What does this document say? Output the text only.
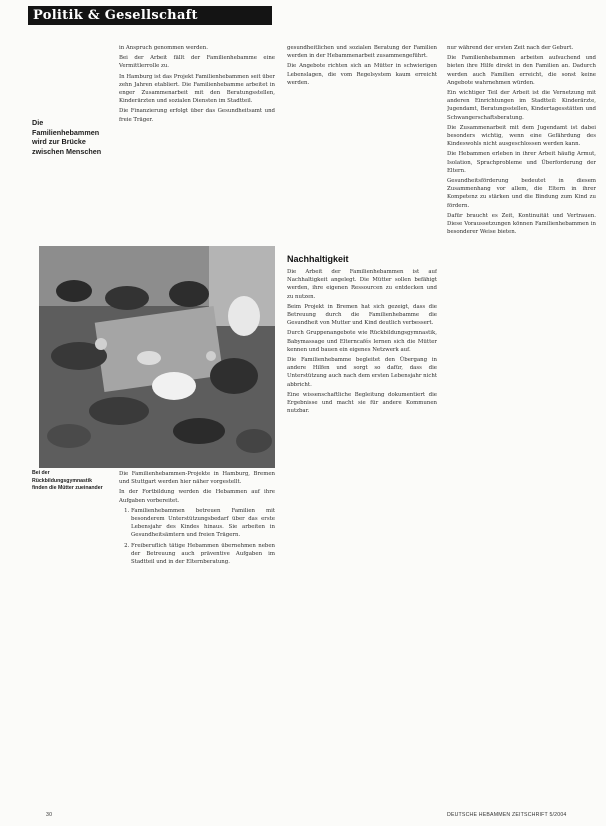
Politik & Gesellschaft

Die Familienhebammen wird zur Brücke zwischen Menschen

in Anspruch genommen werden.

Bei der Arbeit fällt der Familienhebamme eine Vermittlerrolle zu.

In Hamburg ist das Projekt Familienhebammen seit über zehn Jahren etabliert. Die Familienhebamme arbeitet in enger Zusammenarbeit mit den Beratungsstellen, Kinderärzten und sozialen Diensten im Stadtteil.

Die Finanzierung erfolgt über das Gesundheitsamt und freie Träger.

gesundheitlichen und sozialen Beratung der Familien werden in der Hebammenarbeit zusammengeführt.

Die Angebote richten sich an Mütter in schwierigen Lebenslagen, die vom Regelsystem kaum erreicht werden.

Bei der Rückbildungsgymnastik finden die Mütter zueinander

Die Familienhebammen-Projekte in Hamburg, Bremen und Stuttgart werden hier näher vorgestellt.

In der Fortbildung werden die Hebammen auf ihre Aufgaben vorbereitet.

1. Familienhebammen betreuen Familien mit besonderem Unterstützungsbedarf über das erste Lebensjahr des Kindes hinaus. Sie arbeiten in Gesundheitsämtern und freien Trägern.
2. Freiberuflich tätige Hebammen übernehmen neben der Betreuung auch präventive Aufgaben im Stadtteil und in der Elternberatung.
Nachhaltigkeit

Die Arbeit der Familienhebammen ist auf Nachhaltigkeit angelegt. Die Mütter sollen befähigt werden, ihre eigenen Ressourcen zu entdecken und zu nutzen.

Beim Projekt in Bremen hat sich gezeigt, dass die Betreuung durch die Familienhebamme die Gesundheit von Mutter und Kind deutlich verbessert.

Durch Gruppenangebote wie Rückbildungsgymnastik, Babymassage und Elterncafés lernen sich die Mütter kennen und bauen ein eigenes Netzwerk auf.

Die Familienhebamme begleitet den Übergang in andere Hilfen und sorgt so dafür, dass die Unterstützung auch nach dem ersten Lebensjahr nicht abbricht.

Eine wissenschaftliche Begleitung dokumentiert die Ergebnisse und macht sie für andere Kommunen nutzbar.

nur während der ersten Zeit nach der Geburt.

Die Familienhebammen arbeiten aufsuchend und bieten ihre Hilfe direkt in den Familien an. Dadurch werden auch Familien erreicht, die sonst keine Angebote wahrnehmen würden.

Ein wichtiger Teil der Arbeit ist die Vernetzung mit anderen Einrichtungen im Stadtteil: Kinderärzte, Jugendamt, Beratungsstellen, Kindertagesstätten und Schwangerschaftsberatung.

Die Zusammenarbeit mit dem Jugendamt ist dabei besonders wichtig, wenn eine Gefährdung des Kindeswohls nicht ausgeschlossen werden kann.

Die Hebammen erleben in ihrer Arbeit häufig Armut, Isolation, Sprachprobleme und Überforderung der Eltern.

Gesundheitsförderung bedeutet in diesem Zusammenhang vor allem, die Eltern in ihrer Kompetenz zu stärken und die Bindung zum Kind zu fördern.

Dafür braucht es Zeit, Kontinuität und Vertrauen. Diese Voraussetzungen können Familienhebammen in besonderer Weise bieten.

30	DEUTSCHE HEBAMMEN ZEITSCHRIFT 5/2004
